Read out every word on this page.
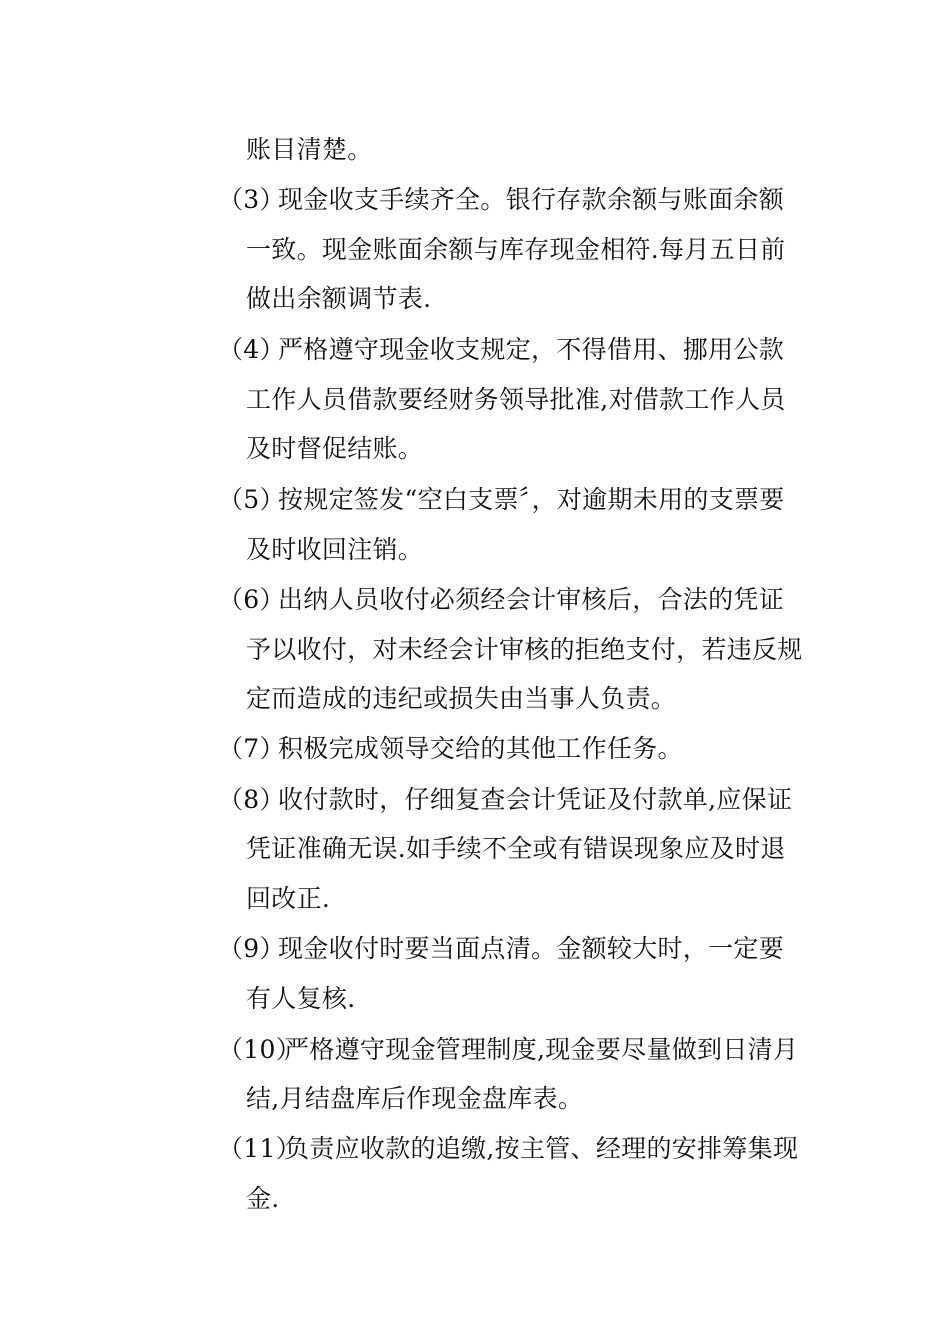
账目清楚。
（3）现金收支手续齐全。银行存款余额与账面余额
一致。现金账面余额与库存现金相符.每月五日前
做出余额调节表.
（4）严格遵守现金收支规定，不得借用、挪用公款
工作人员借款要经财务领导批准,对借款工作人员
及时督促结账。
（5）按规定签发“空白支票〞，对逾期未用的支票要
及时收回注销。
（6）出纳人员收付必须经会计审核后，合法的凭证
予以收付，对未经会计审核的拒绝支付，若违反规
定而造成的违纪或损失由当事人负责。
（7）积极完成领导交给的其他工作任务。
（8）收付款时，仔细复查会计凭证及付款单,应保证
凭证准确无误.如手续不全或有错误现象应及时退
回改正.
（9）现金收付时要当面点清。金额较大时，一定要
有人复核.
（10）严格遵守现金管理制度,现金要尽量做到日清月
结,月结盘库后作现金盘库表。
（11）负责应收款的追缴,按主管、经理的安排筹集现
金.
